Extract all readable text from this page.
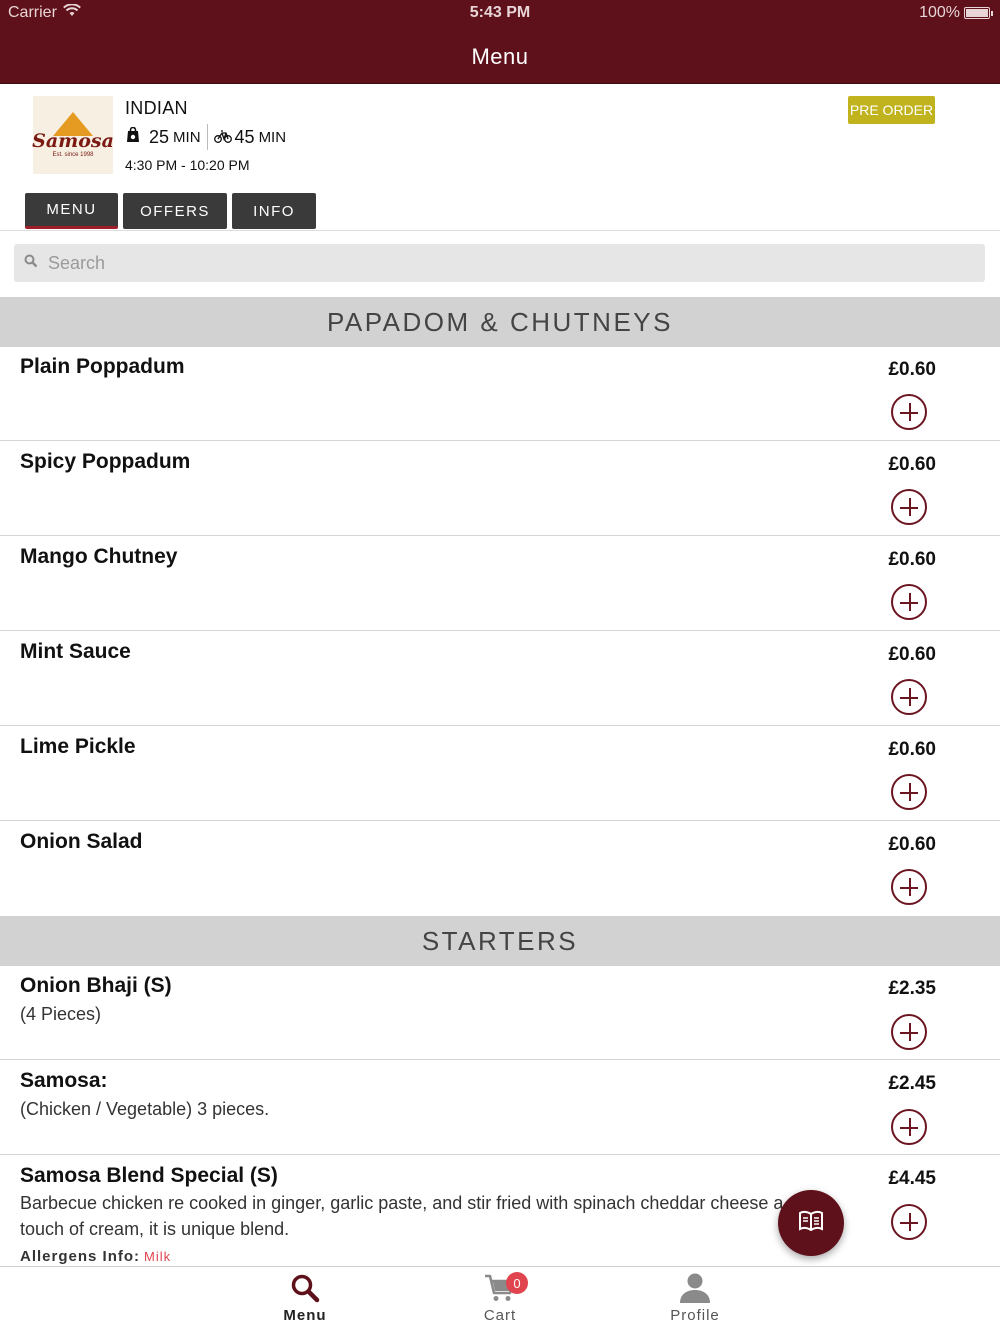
Carrier	5:43 PM	100%
Menu
Samosa
Est. since 1998
INDIAN
25 MIN 45 MIN
4:30 PM - 10:20 PM
PRE ORDER
MENU	OFFERS	INFO
Search
PAPADOM & CHUTNEYS
Plain Poppadum	£0.60
Spicy Poppadum	£0.60
Mango Chutney	£0.60
Mint Sauce	£0.60
Lime Pickle	£0.60
Onion Salad	£0.60
STARTERS
Onion Bhaji (S)
(4 Pieces)
£2.35
Samosa:
(Chicken / Vegetable) 3 pieces.
£2.45
Samosa Blend Special (S)
Barbecue chicken re cooked in ginger, garlic paste, and stir fried with spinach cheddar cheese a touch of cream, it is unique blend.
£4.45
Allergens Info: Milk
Menu
0
Cart	Profile
